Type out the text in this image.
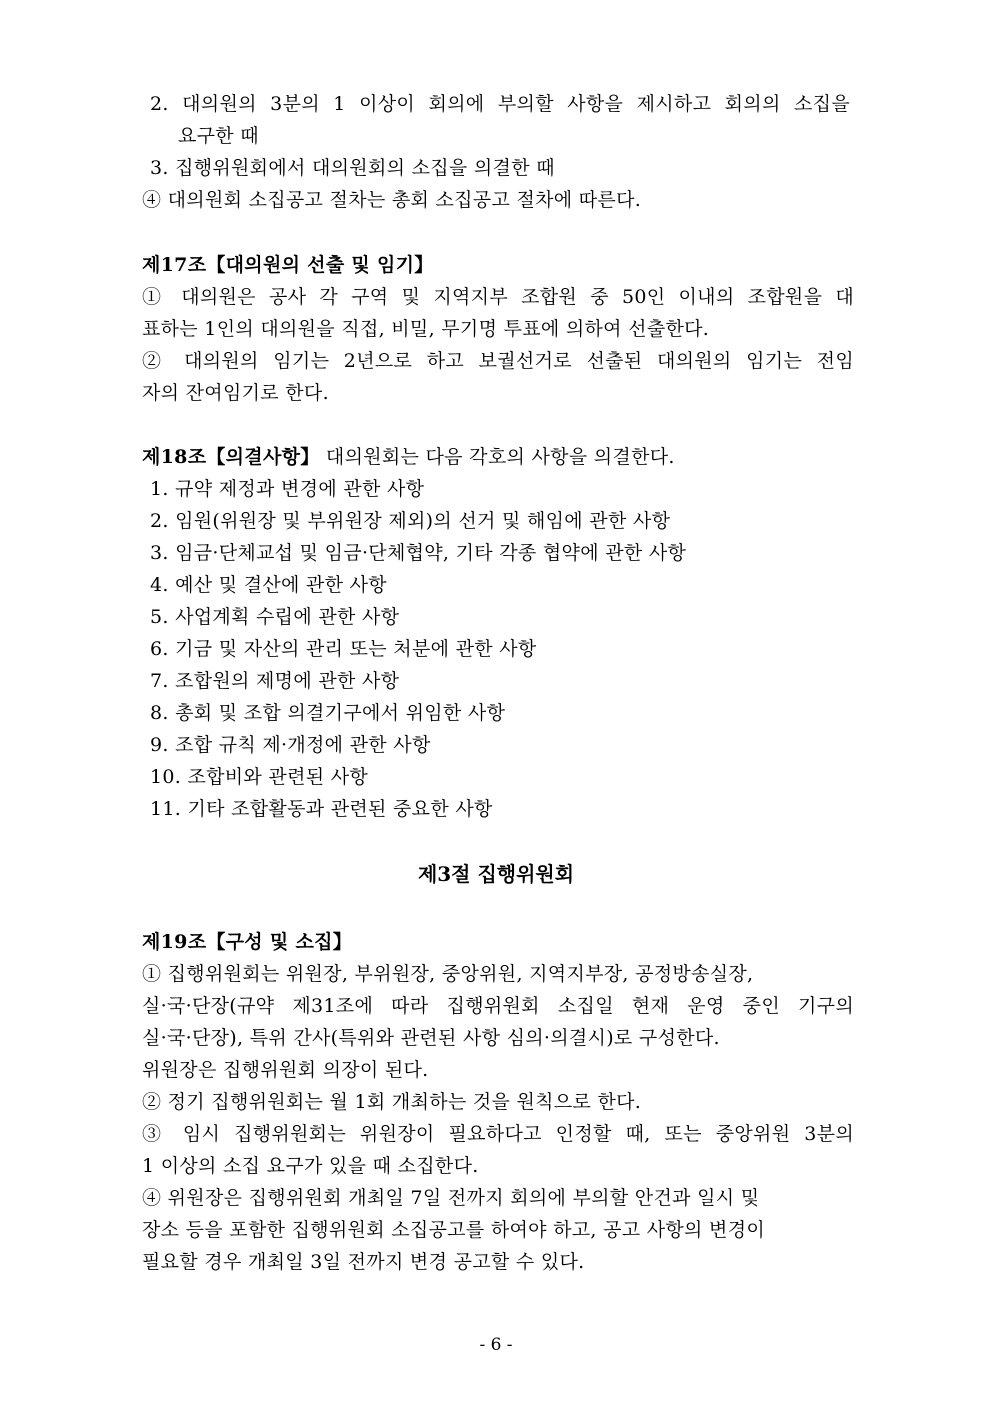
2. 대의원의 3분의 1 이상이 회의에 부의할 사항을 제시하고 회의의 소집을
요구한 때
3. 집행위원회에서 대의원회의 소집을 의결한 때
④ 대의원회 소집공고 절차는 총회 소집공고 절차에 따른다.
제17조【대의원의 선출 및 임기】
① 대의원은 공사 각 구역 및 지역지부 조합원 중 50인 이내의 조합원을 대
표하는 1인의 대의원을 직접, 비밀, 무기명 투표에 의하여 선출한다.
② 대의원의 임기는 2년으로 하고 보궐선거로 선출된 대의원의 임기는 전임
자의 잔여임기로 한다.
제18조【의결사항】 대의원회는 다음 각호의 사항을 의결한다.
1. 규약 제정과 변경에 관한 사항
2. 임원(위원장 및 부위원장 제외)의 선거 및 해임에 관한 사항
3. 임금·단체교섭 및 임금·단체협약, 기타 각종 협약에 관한 사항
4. 예산 및 결산에 관한 사항
5. 사업계획 수립에 관한 사항
6. 기금 및 자산의 관리 또는 처분에 관한 사항
7. 조합원의 제명에 관한 사항
8. 총회 및 조합 의결기구에서 위임한 사항
9. 조합 규칙 제·개정에 관한 사항
10. 조합비와 관련된 사항
11. 기타 조합활동과 관련된 중요한 사항
제3절 집행위원회
제19조【구성 및 소집】
① 집행위원회는 위원장, 부위원장, 중앙위원, 지역지부장, 공정방송실장,
실·국·단장(규약 제31조에 따라 집행위원회 소집일 현재 운영 중인 기구의
실·국·단장), 특위 간사(특위와 관련된 사항 심의·의결시)로 구성한다.
위원장은 집행위원회 의장이 된다.
② 정기 집행위원회는 월 1회 개최하는 것을 원칙으로 한다.
③ 임시 집행위원회는 위원장이 필요하다고 인정할 때, 또는 중앙위원 3분의
1 이상의 소집 요구가 있을 때 소집한다.
④ 위원장은 집행위원회 개최일 7일 전까지 회의에 부의할 안건과 일시 및
장소 등을 포함한 집행위원회 소집공고를 하여야 하고, 공고 사항의 변경이
필요할 경우 개최일 3일 전까지 변경 공고할 수 있다.
- 6 -
